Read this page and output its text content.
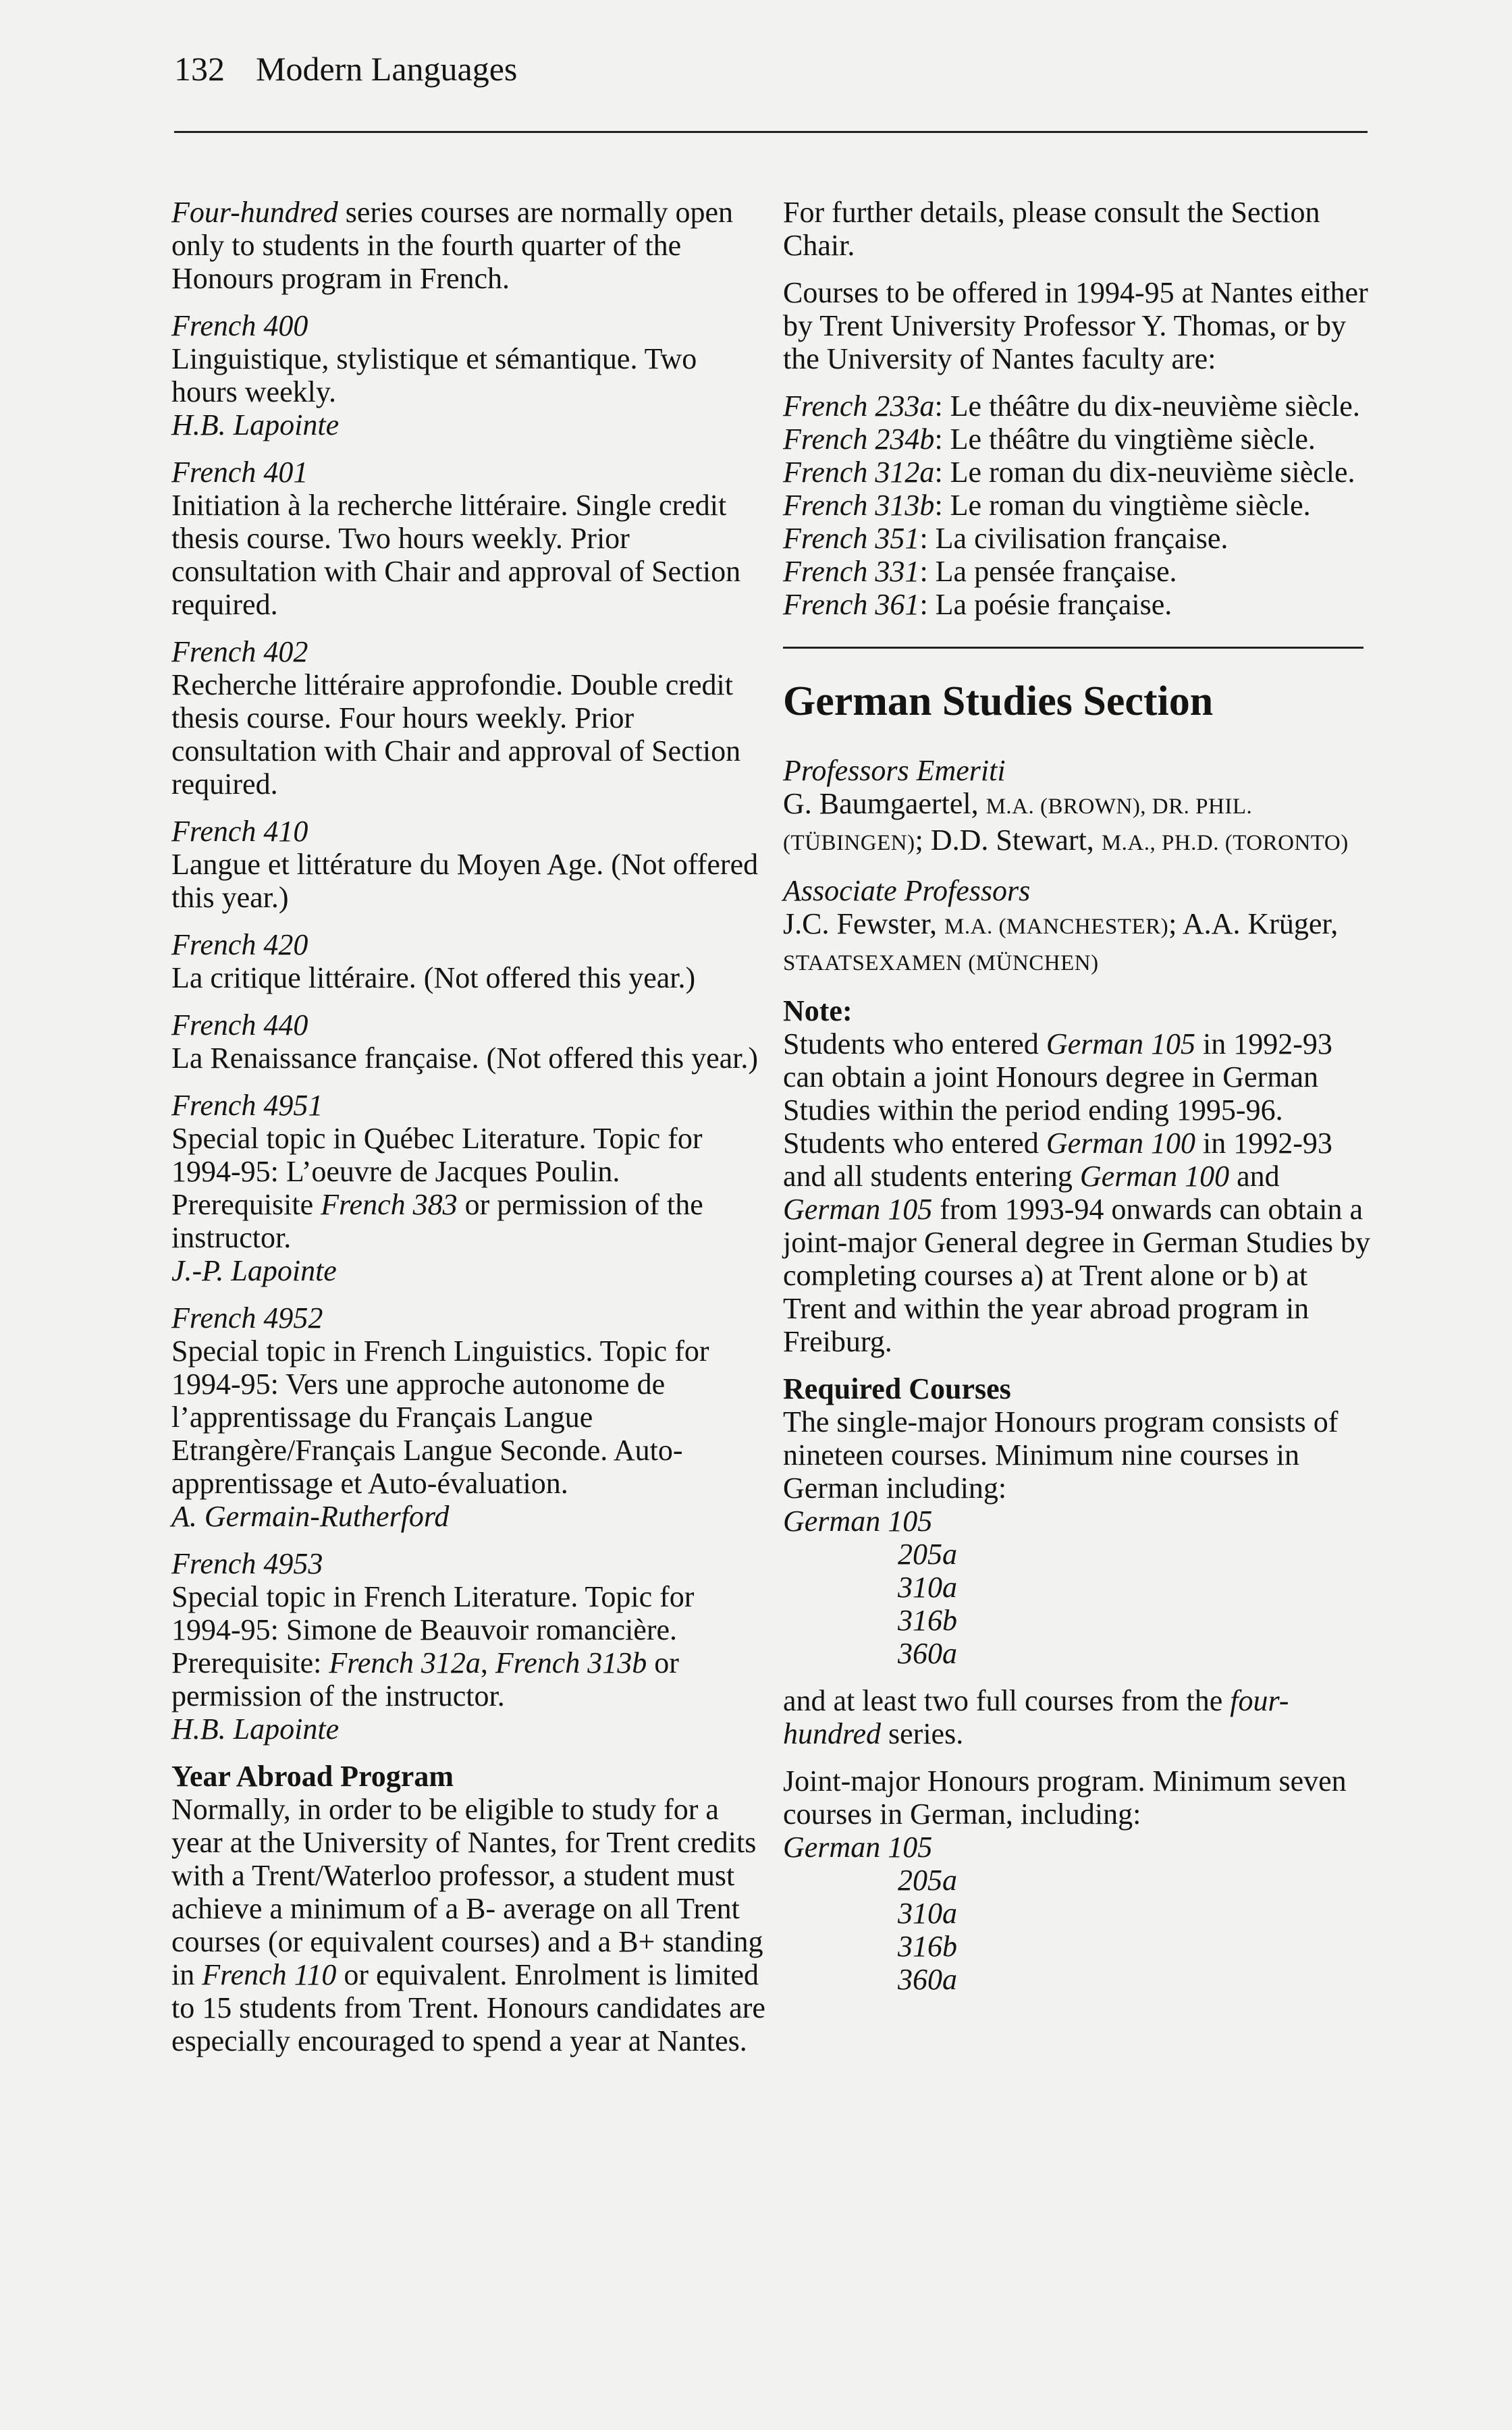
132 Modern Languages

Four-hundred series courses are normally open only to students in the fourth quarter of the Honours program in French.

French 400

Linguistique, stylistique et sémantique. Two hours weekly.

H.B. Lapointe

French 401

Initiation à la recherche littéraire. Single credit thesis course. Two hours weekly. Prior consultation with Chair and approval of Section required.

French 402

Recherche littéraire approfondie. Double credit thesis course. Four hours weekly. Prior consultation with Chair and approval of Section required.

French 410

Langue et littérature du Moyen Age. (Not offered this year.)

French 420

La critique littéraire. (Not offered this year.)

French 440

La Renaissance française. (Not offered this year.)

French 4951

Special topic in Québec Literature. Topic for 1994-95: L’oeuvre de Jacques Poulin. Prerequisite French 383 or permission of the instructor.

J.-P. Lapointe

French 4952

Special topic in French Linguistics. Topic for 1994-95: Vers une approche autonome de l’apprentissage du Français Langue Etrangère/Français Langue Seconde. Auto-apprentissage et Auto-évaluation.

A. Germain-Rutherford

French 4953

Special topic in French Literature. Topic for 1994-95: Simone de Beauvoir romancière. Prerequisite: French 312a, French 313b or permission of the instructor.

H.B. Lapointe

Year Abroad Program

Normally, in order to be eligible to study for a year at the University of Nantes, for Trent credits with a Trent/Waterloo professor, a student must achieve a minimum of a B- average on all Trent courses (or equivalent courses) and a B+ standing in French 110 or equivalent. Enrolment is limited to 15 students from Trent. Honours candidates are especially encouraged to spend a year at Nantes.

For further details, please consult the Section Chair.

Courses to be offered in 1994-95 at Nantes either by Trent University Professor Y. Thomas, or by the University of Nantes faculty are:

French 233a: Le théâtre du dix-neuvième siècle.

French 234b: Le théâtre du vingtième siècle.

French 312a: Le roman du dix-neuvième siècle.

French 313b: Le roman du vingtième siècle.

French 351: La civilisation française.

French 331: La pensée française.

French 361: La poésie française.

German Studies Section

Professors Emeriti

G. Baumgaertel, M.A. (BROWN), DR. PHIL. (TÜBINGEN); D.D. Stewart, M.A., PH.D. (TORONTO)

Associate Professors

J.C. Fewster, M.A. (MANCHESTER); A.A. Krüger, STAATSEXAMEN (MÜNCHEN)

Note:

Students who entered German 105 in 1992-93 can obtain a joint Honours degree in German Studies within the period ending 1995-96. Students who entered German 100 in 1992-93 and all students entering German 100 and German 105 from 1993-94 onwards can obtain a joint-major General degree in German Studies by completing courses a) at Trent alone or b) at Trent and within the year abroad program in Freiburg.

Required Courses

The single-major Honours program consists of nineteen courses. Minimum nine courses in German including:

German 105

205a
310a
316b
360a

and at least two full courses from the four-hundred series.

Joint-major Honours program. Minimum seven courses in German, including:

German 105

205a
310a
316b
360a
